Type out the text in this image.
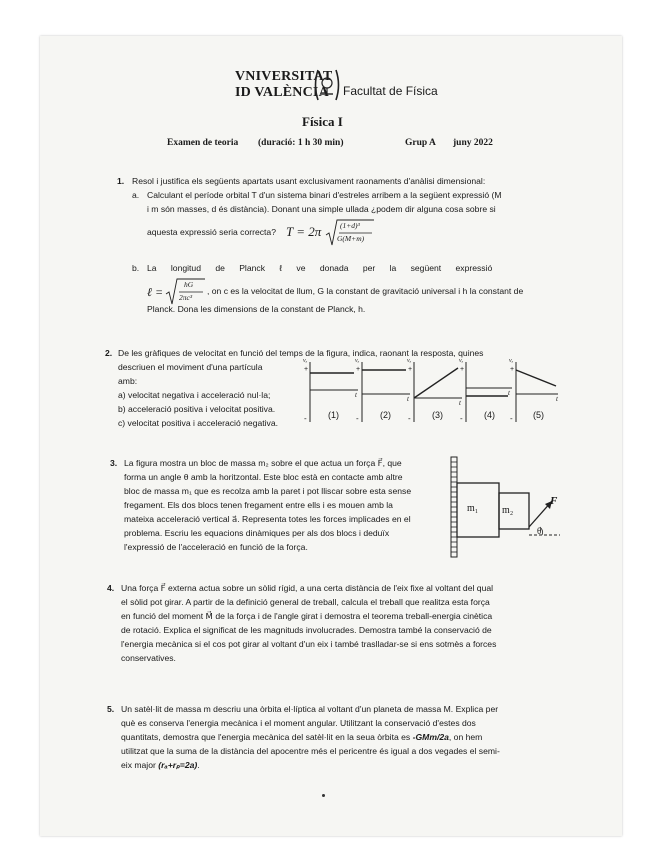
VNIVERSITAT
ID VALÈNCIA Facultat de Física
Física I
Examen de teoria (duració: 1 h 30 min)	Grup A juny 2022
1. Resol i justifica els següents apartats usant exclusivament raonaments d'anàlisi dimensional:
a. Calculant el període orbital T d'un sistema binari d'estreles arribem a la següent expressió (M
i m són masses, d és distància). Donant una simple ullada ¿podem dir alguna cosa sobre si
aquesta expressió seria correcta? T = 2π (1+d)³
G(M+m)
b. La      longitud      de      Planck      ℓ      ve      donada      per      la      següent      expressió
ℓ =
hG
2πc³
, on c es la velocitat de llum, G la constant de gravitació universal i h la constant de
Planck. Dona les dimensions de la constant de Planck, h.
2. De les gràfiques de velocitat en funció del temps de la figura, indica, raonant la resposta, quines
descriuen el moviment d'una partícula
amb:
a) velocitat negativa i acceleració nul·la;
b) acceleració positiva i velocitat positiva.
c) velocitat positiva i acceleració negativa.
vₓ	vₓ	vₓ	vₓ	vₓ
+	+	+	+	+
t	t	t
t
t
-	-	-	-	-
(1)	(2)	(3)	(4)	(5)
3. La figura mostra un bloc de massa m₂ sobre el que actua un força F⃗, que
forma un angle θ amb la horitzontal. Este bloc està en contacte amb altre
bloc de massa m₁ que es recolza amb la paret i pot lliscar sobre esta sense
fregament. Els dos blocs tenen fregament entre ells i es mouen amb la
mateixa acceleració vertical a⃗. Representa totes les forces implicades en el
problema. Escriu les equacions dinàmiques per als dos blocs i deduïx
l'expressió de l'acceleració en funció de la força.
m₁ m₂
F⃗
θ
4. Una força F⃗ externa actua sobre un sòlid rígid, a una certa distància de l'eix fixe al voltant del qual
el sòlid pot girar. A partir de la definició general de treball, calcula el treball que realitza esta força
en funció del moment M⃗ de la força i de l'angle girat i demostra el teorema treball-energia cinètica
de rotació. Explica el significat de les magnituds involucrades. Demostra també la conservació de
l'energia mecànica si el cos pot girar al voltant d'un eix i també traslladar-se si ens sotmès a forces
conservatives.
5. Un satèl·lit de massa m descriu una òrbita el·líptica al voltant d'un planeta de massa M. Explica per
què es conserva l'energia mecànica i el moment angular. Utilitzant la conservació d'estes dos
quantitats, demostra que l'energia mecànica del satèl·lit en la seua òrbita es -GMm/2a, on hem
utilitzat que la suma de la distància del apocentre més el pericentre és igual a dos vegades el semi-
eix major (rₐ+rₚ=2a).
